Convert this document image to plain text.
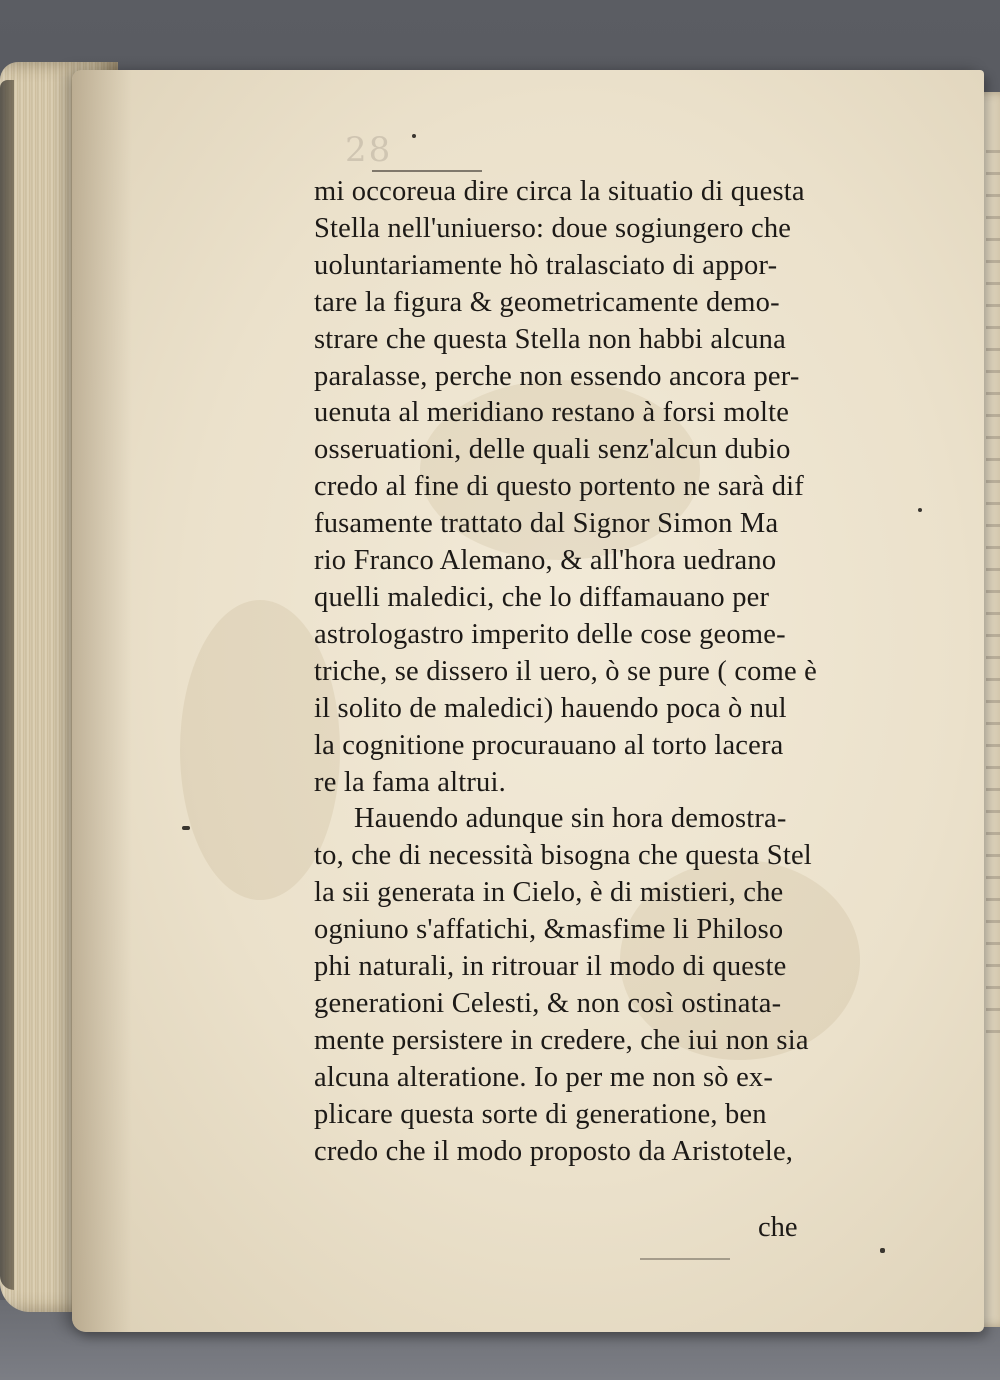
28
mi occoreua dire circa la situatio di questa
Stella nell'uniuerso: doue sogiungero che
uoluntariamente hò tralasciato di appor-
tare la figura & geometricamente demo-
strare che questa Stella non habbi alcuna
paralasse, perche non essendo ancora per-
uenuta al meridiano restano à forsi molte
osseruationi, delle quali senz'alcun dubio
credo al fine di questo portento ne sarà dif
fusamente trattato dal Signor Simon Ma
rio Franco Alemano, & all'hora uedrano
quelli maledici, che lo diffamauano per
astrologastro imperito delle cose geome-
triche, se dissero il uero, ò se pure ( come è
il solito de maledici) hauendo poca ò nul
la cognitione procurauano al torto lacera
re la fama altrui.
Hauendo adunque sin hora demostra-
to, che di necessità bisogna che questa Stel
la sii generata in Cielo, è di mistieri, che
ogniuno s'affatichi, &masfime li Philoso
phi naturali, in ritrouar il modo di queste
generationi Celesti, & non così ostinata-
mente persistere in credere, che iui non sia
alcuna alteratione. Io per me non sò ex-
plicare questa sorte di generatione, ben
credo che il modo proposto da Aristotele,
che
